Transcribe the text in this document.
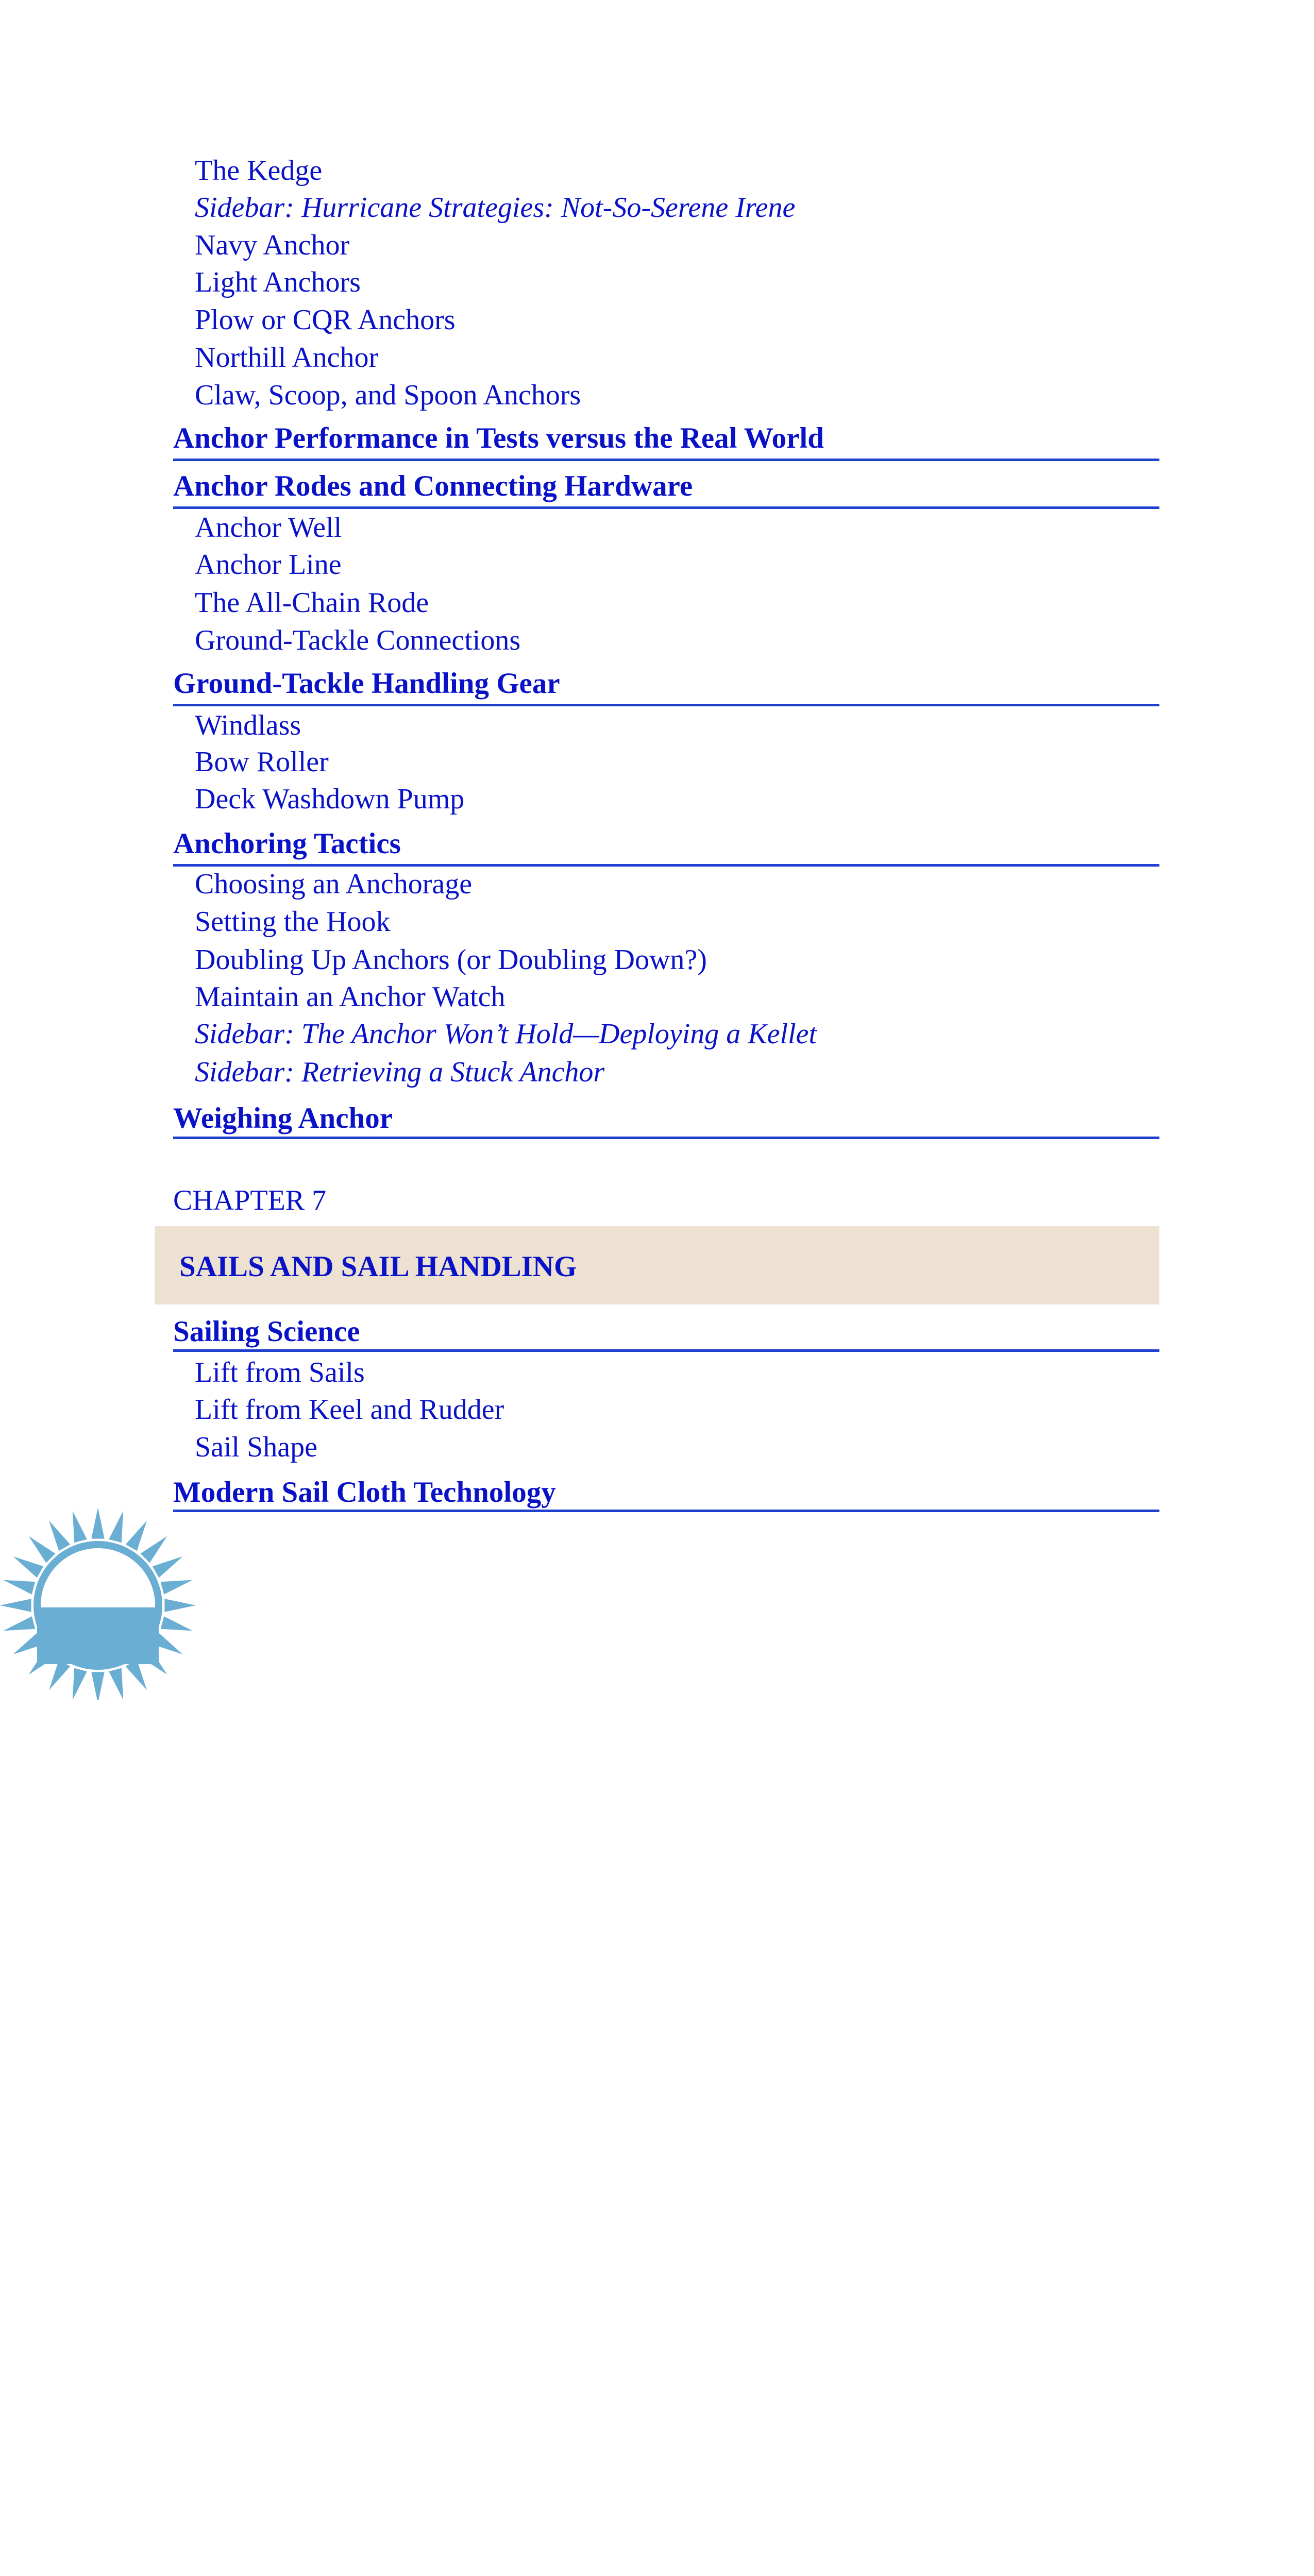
The Kedge
Sidebar: Hurricane Strategies: Not-So-Serene Irene
Navy Anchor
Light Anchors
Plow or CQR Anchors
Northill Anchor
Claw, Scoop, and Spoon Anchors
Anchor Performance in Tests versus the Real World
Anchor Rodes and Connecting Hardware
Anchor Well
Anchor Line
The All-Chain Rode
Ground-Tackle Connections
Ground-Tackle Handling Gear
Windlass
Bow Roller
Deck Washdown Pump
Anchoring Tactics
Choosing an Anchorage
Setting the Hook
Doubling Up Anchors (or Doubling Down?)
Maintain an Anchor Watch
Sidebar: The Anchor Won’t Hold—Deploying a Kellet
Sidebar: Retrieving a Stuck Anchor
Weighing Anchor
CHAPTER 7
SAILS AND SAIL HANDLING
Sailing Science
Lift from Sails
Lift from Keel and Rudder
Sail Shape
Modern Sail Cloth Technology
